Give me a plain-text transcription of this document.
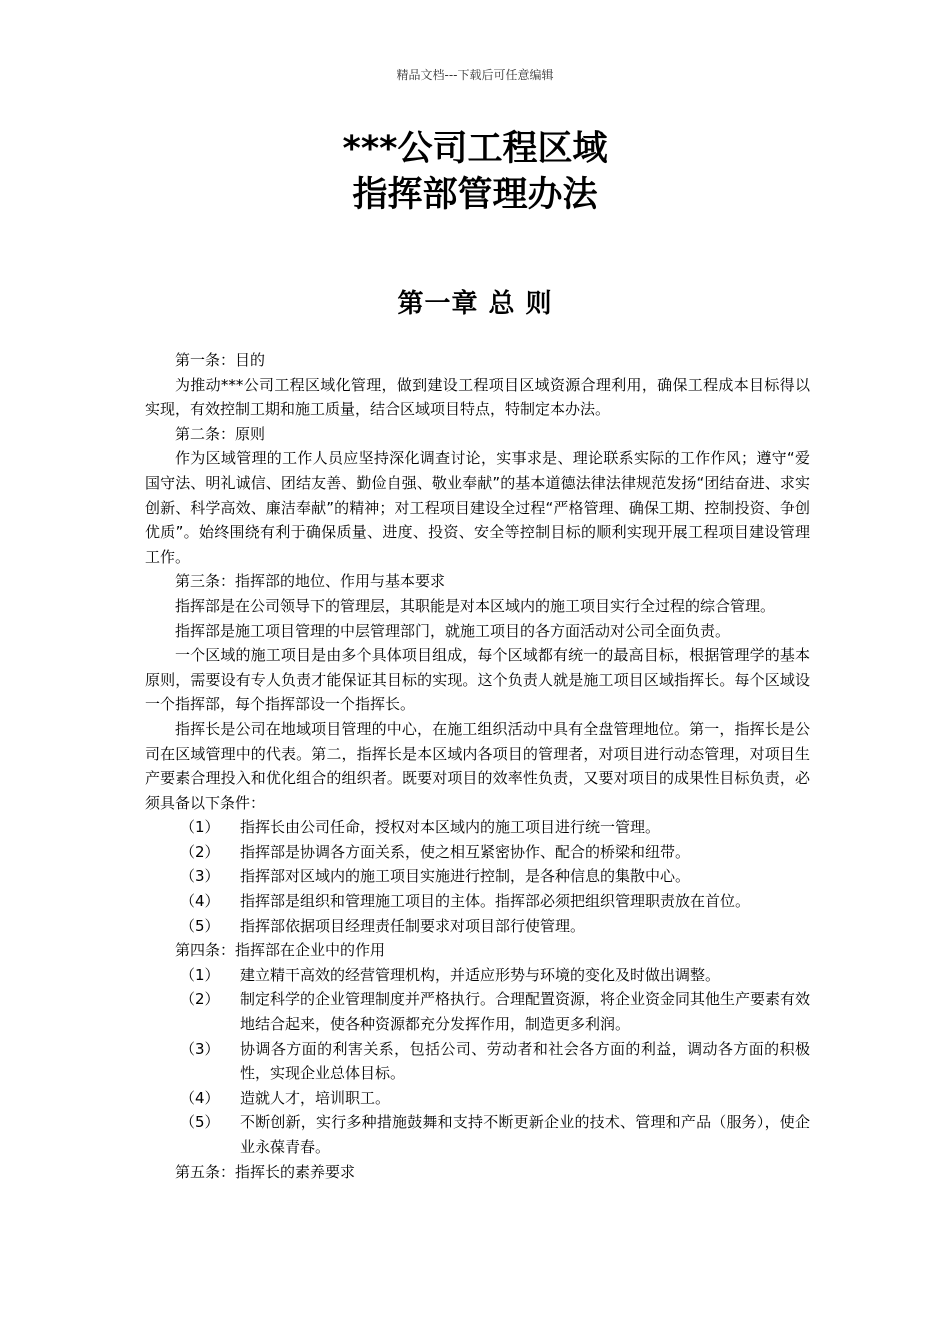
精品文档---下载后可任意编辑
***公司工程区域
指挥部管理办法
第一章 总 则

第一条：目的

为推动***公司工程区域化管理，做到建设工程项目区域资源合理利用，确保工程成本目标得以实现，有效控制工期和施工质量，结合区域项目特点，特制定本办法。

第二条：原则

作为区域管理的工作人员应坚持深化调查讨论，实事求是、理论联系实际的工作作风；遵守“爱国守法、明礼诚信、团结友善、勤俭自强、敬业奉献”的基本道德法律法律规范发扬“团结奋进、求实创新、科学高效、廉洁奉献”的精神；对工程项目建设全过程“严格管理、确保工期、控制投资、争创优质”。始终围绕有利于确保质量、进度、投资、安全等控制目标的顺利实现开展工程项目建设管理工作。

第三条：指挥部的地位、作用与基本要求

指挥部是在公司领导下的管理层，其职能是对本区域内的施工项目实行全过程的综合管理。

指挥部是施工项目管理的中层管理部门，就施工项目的各方面活动对公司全面负责。

一个区域的施工项目是由多个具体项目组成，每个区域都有统一的最高目标，根据管理学的基本原则，需要设有专人负责才能保证其目标的实现。这个负责人就是施工项目区域指挥长。每个区域设一个指挥部，每个指挥部设一个指挥长。

指挥长是公司在地域项目管理的中心，在施工组织活动中具有全盘管理地位。第一，指挥长是公司在区域管理中的代表。第二，指挥长是本区域内各项目的管理者，对项目进行动态管理，对项目生产要素合理投入和优化组合的组织者。既要对项目的效率性负责，又要对项目的成果性目标负责，必须具备以下条件：

（1）	指挥长由公司任命，授权对本区域内的施工项目进行统一管理。
（2）	指挥部是协调各方面关系，使之相互紧密协作、配合的桥梁和纽带。
（3）	指挥部对区域内的施工项目实施进行控制，是各种信息的集散中心。
（4）	指挥部是组织和管理施工项目的主体。指挥部必须把组织管理职责放在首位。
（5）	指挥部依据项目经理责任制要求对项目部行使管理。

第四条：指挥部在企业中的作用

（1）	建立精干高效的经营管理机构，并适应形势与环境的变化及时做出调整。
（2）	制定科学的企业管理制度并严格执行。合理配置资源，将企业资金同其他生产要素有效地结合起来，使各种资源都充分发挥作用，制造更多利润。
（3）	协调各方面的利害关系，包括公司、劳动者和社会各方面的利益，调动各方面的积极性，实现企业总体目标。
（4）	造就人才，培训职工。
（5）	不断创新，实行多种措施鼓舞和支持不断更新企业的技术、管理和产品（服务），使企业永葆青春。

第五条：指挥长的素养要求
